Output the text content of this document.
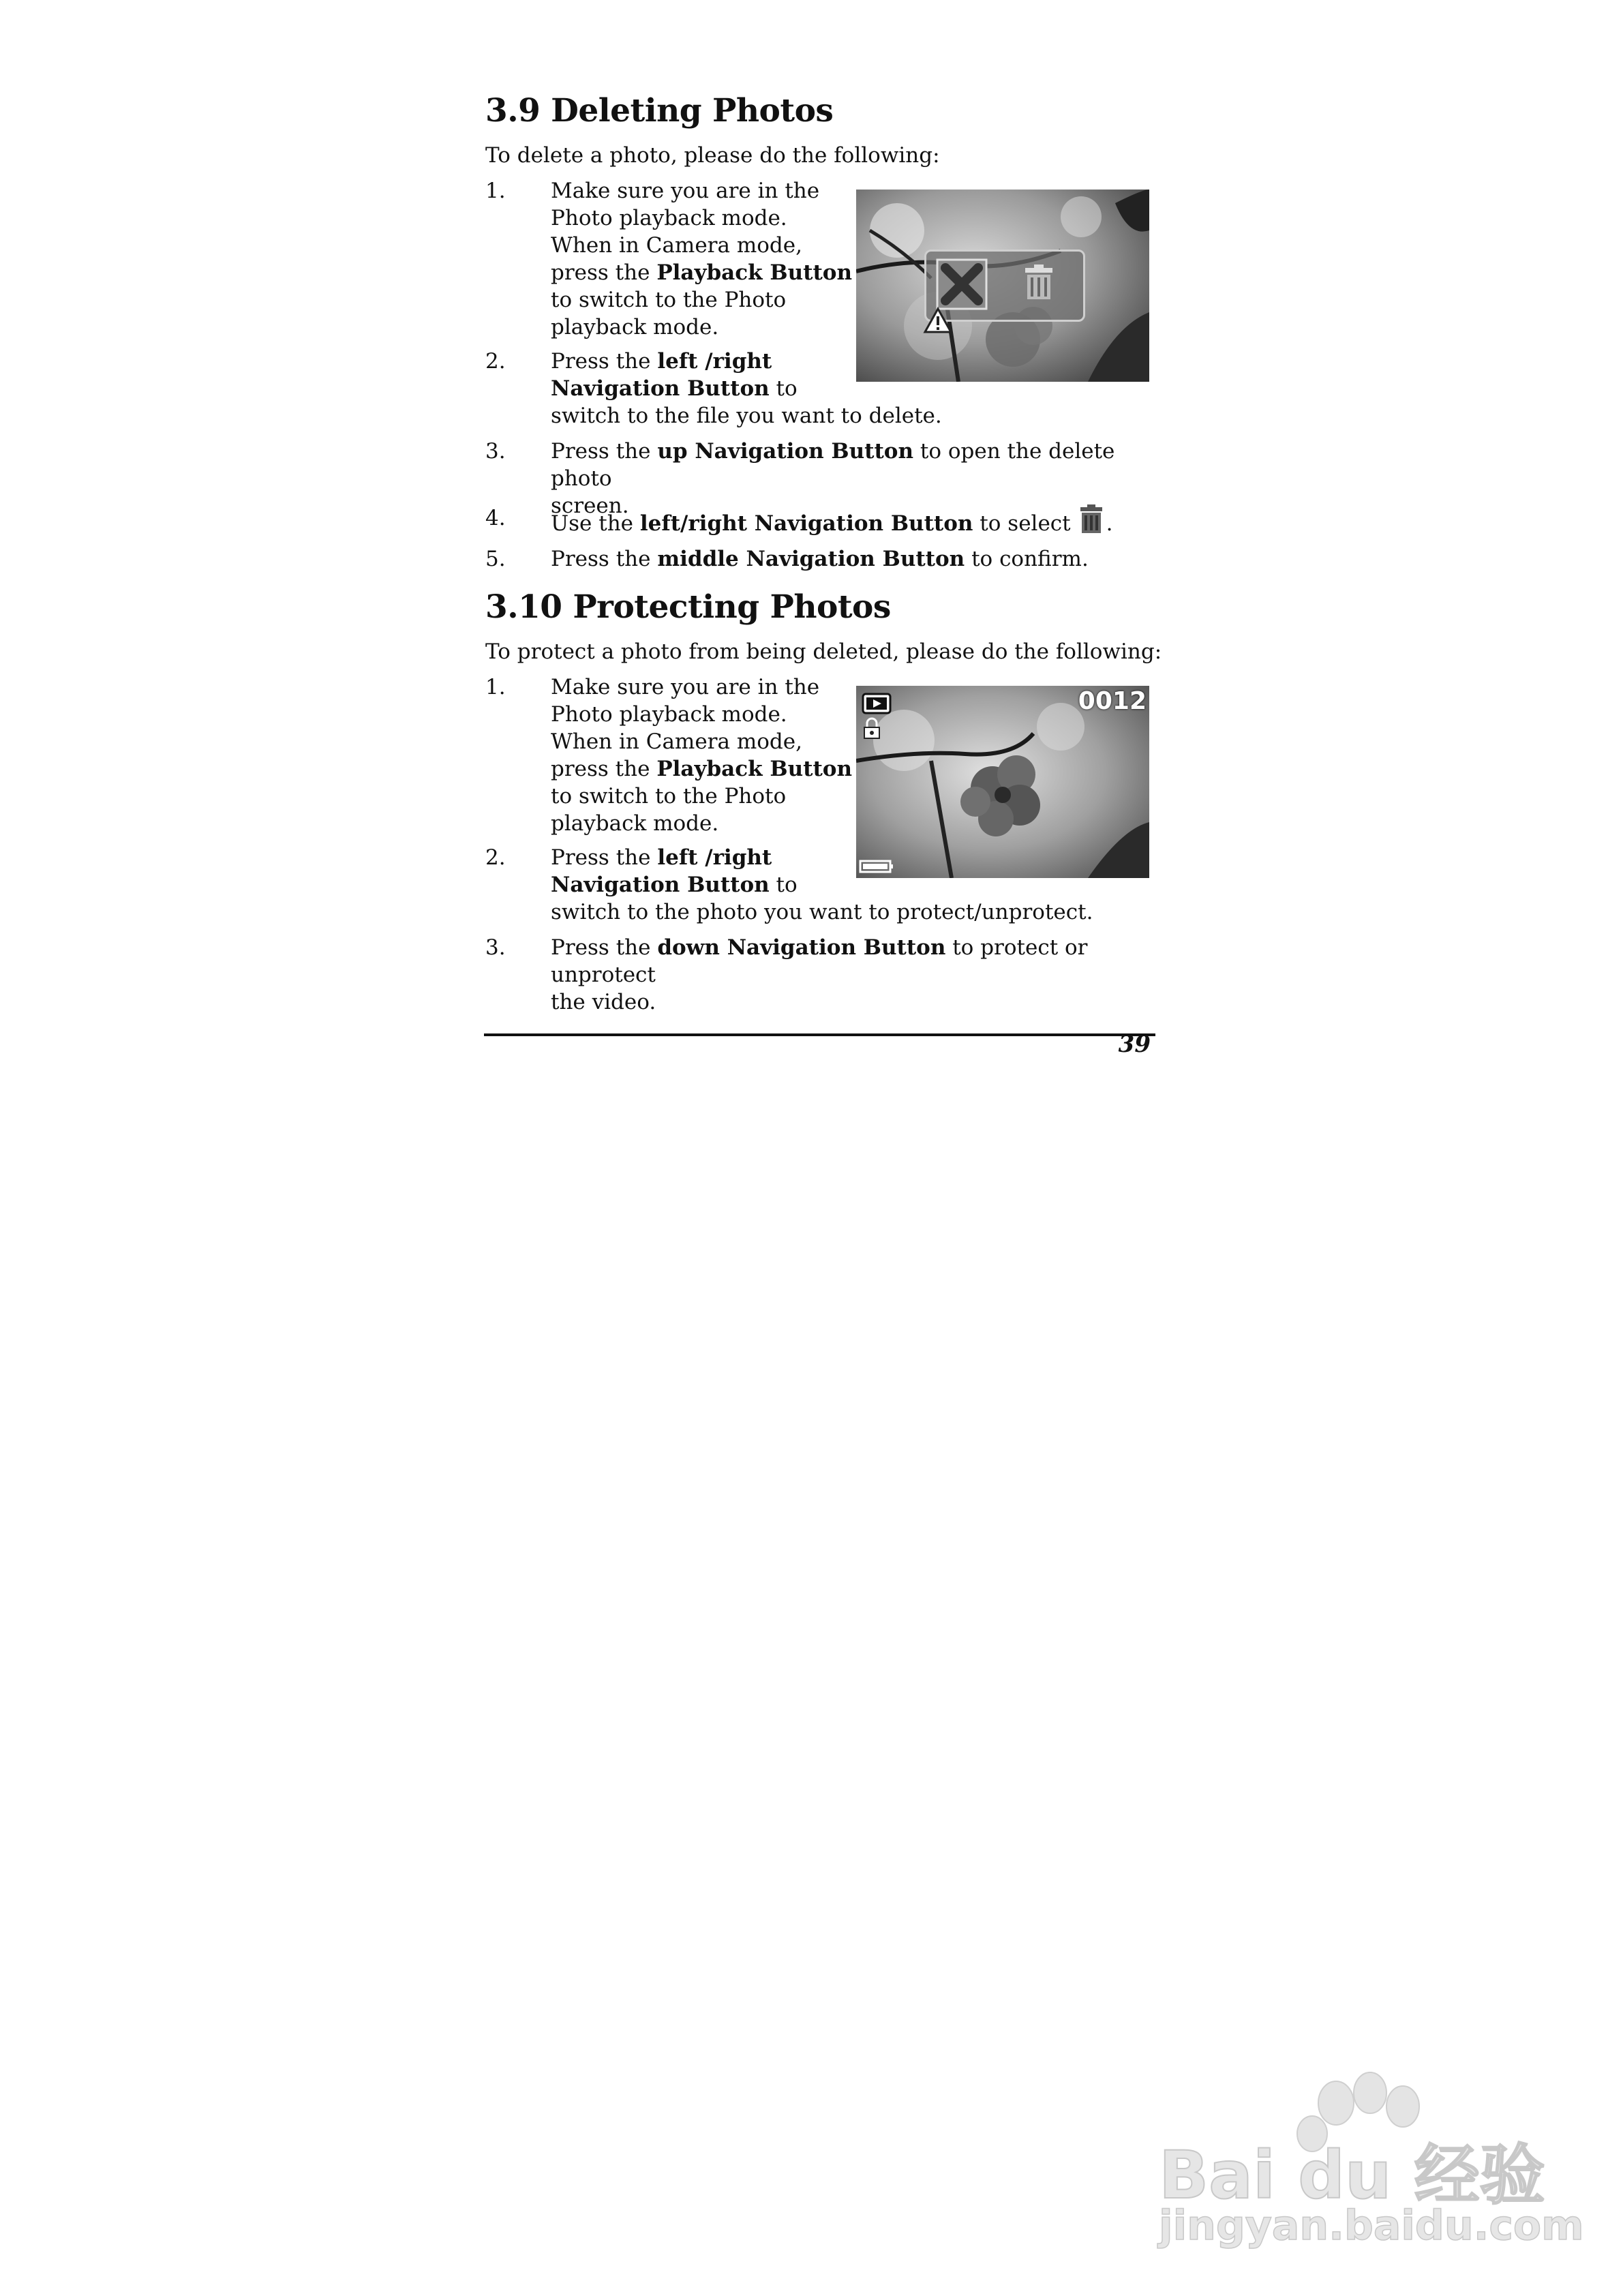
3.9 Deleting Photos

To delete a photo, please do the following:

1. Make sure you are in the
Photo playback mode.
When in Camera mode,
press the Playback Button
to switch to the Photo
playback mode.
2. Press the left /right
Navigation Button to
switch to the file you want to delete.
3. Press the up Navigation Button to open the delete photo
screen.
4. Use the left/right Navigation Button to select .
5. Press the middle Navigation Button to confirm.
3.10 Protecting Photos

To protect a photo from being deleted, please do the following:

1. Make sure you are in the
Photo playback mode.
When in Camera mode,
press the Playback Button
to switch to the Photo
playback mode.
2. Press the left /right
Navigation Button to
switch to the photo you want to protect/unprotect.
3. Press the down Navigation Button to protect or unprotect
the video.
0012
39
Bai du 经验
jingyan.baidu.com
